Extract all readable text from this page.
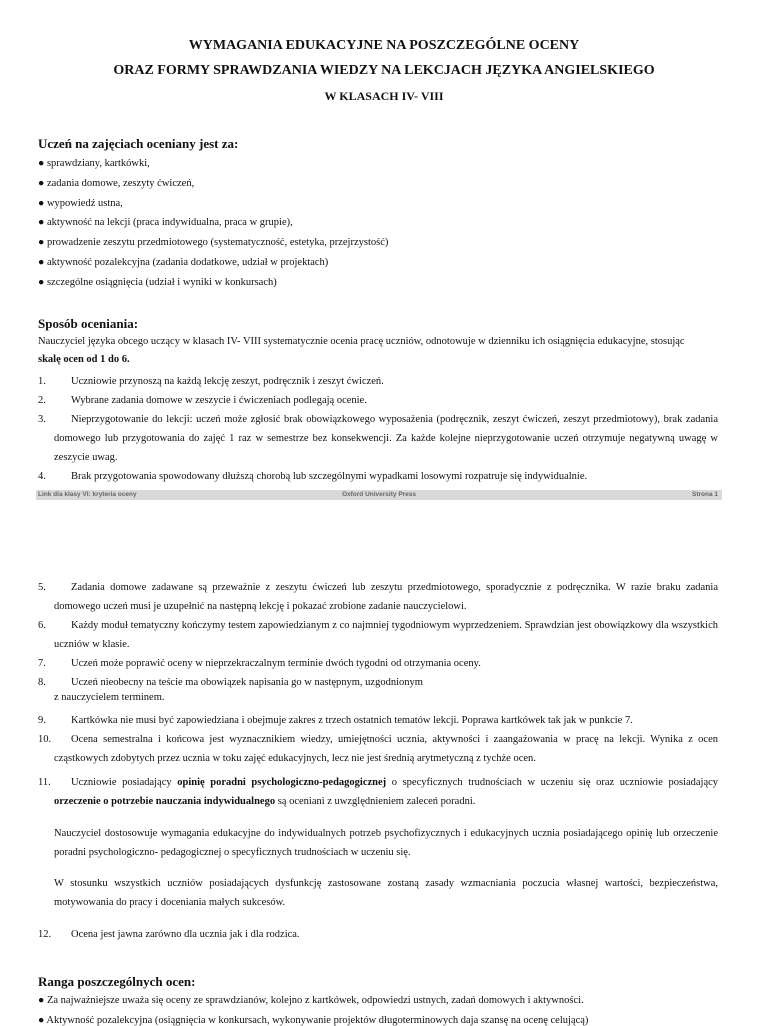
WYMAGANIA EDUKACYJNE NA POSZCZEGÓLNE OCENY
ORAZ FORMY SPRAWDZANIA WIEDZY NA LEKCJACH JĘZYKA ANGIELSKIEGO
W KLASACH IV- VIII
Uczeń na zajęciach oceniany jest za:
● sprawdziany, kartkówki,
● zadania domowe, zeszyty ćwiczeń,
● wypowiedź ustna,
● aktywność na lekcji (praca indywidualna, praca w grupie),
● prowadzenie zeszytu przedmiotowego (systematyczność, estetyka, przejrzystość)
● aktywność pozalekcyjna (zadania dodatkowe, udział w projektach)
● szczególne osiągnięcia (udział i wyniki w konkursach)
Sposób oceniania:
Nauczyciel języka obcego uczący w klasach IV- VIII systematycznie ocenia pracę uczniów, odnotowuje w dzienniku ich osiągnięcia edukacyjne, stosując
skalę ocen od 1 do 6.
1.	Uczniowie przynoszą na każdą lekcję zeszyt, podręcznik i zeszyt ćwiczeń.
2.	Wybrane zadania domowe w zeszycie i ćwiczeniach podlegają ocenie.
3.	Nieprzygotowanie do lekcji: uczeń może zgłosić brak obowiązkowego wyposażenia (podręcznik, zeszyt ćwiczeń, zeszyt przedmiotowy), brak zadania domowego lub przygotowania do zajęć 1 raz w semestrze bez konsekwencji. Za każde kolejne nieprzygotowanie uczeń otrzymuje negatywną uwagę w zeszycie uwag.
4.	Brak przygotowania spowodowany dłuższą chorobą lub szczególnymi wypadkami losowymi rozpatruje się indywidualnie.
Link dla klasy VI: kryteria oceny	Oxford University Press	Strona 1
5.	Zadania domowe zadawane są przeważnie z zeszytu ćwiczeń lub zeszytu przedmiotowego, sporadycznie z podręcznika. W razie braku zadania domowego uczeń musi je uzupełnić na następną lekcję i pokazać zrobione zadanie nauczycielowi.
6.	Każdy moduł tematyczny kończymy testem zapowiedzianym z co najmniej tygodniowym wyprzedzeniem. Sprawdzian jest obowiązkowy dla wszystkich uczniów w klasie.
7.	Uczeń może poprawić oceny w nieprzekraczalnym terminie dwóch tygodni od otrzymania oceny.
8.	Uczeń nieobecny na teście ma obowiązek napisania go w następnym, uzgodnionym
z nauczycielem terminem.
9.	Kartkówka nie musi być zapowiedziana i obejmuje zakres z trzech ostatnich tematów lekcji. Poprawa kartkówek tak jak w punkcie 7.
10.	Ocena semestralna i końcowa jest wyznacznikiem wiedzy, umiejętności ucznia, aktywności i zaangażowania w pracę na lekcji. Wynika z ocen cząstkowych zdobytych przez ucznia w toku zajęć edukacyjnych, lecz nie jest średnią arytmetyczną z tychże ocen.
11.	Uczniowie posiadający opinię poradni psychologiczno-pedagogicznej o specyficznych trudnościach w uczeniu się oraz uczniowie posiadający orzeczenie o potrzebie nauczania indywidualnego są oceniani z uwzględnieniem zaleceń poradni.
Nauczyciel dostosowuje wymagania edukacyjne do indywidualnych potrzeb psychofizycznych i edukacyjnych ucznia posiadającego opinię lub orzeczenie poradni psychologiczno- pedagogicznej o specyficznych trudnościach w uczeniu się.
W stosunku wszystkich uczniów posiadających dysfunkcję zastosowane zostaną zasady wzmacniania poczucia własnej wartości, bezpieczeństwa, motywowania do pracy i doceniania małych sukcesów.
12.	Ocena jest jawna zarówno dla ucznia jak i dla rodzica.
Ranga poszczególnych ocen:
● Za najważniejsze uważa się oceny ze sprawdzianów, kolejno z kartkówek, odpowiedzi ustnych, zadań domowych i aktywności.
● Aktywność pozalekcyjna (osiągnięcia w konkursach, wykonywanie projektów długoterminowych daja szansę na ocenę celującą)
